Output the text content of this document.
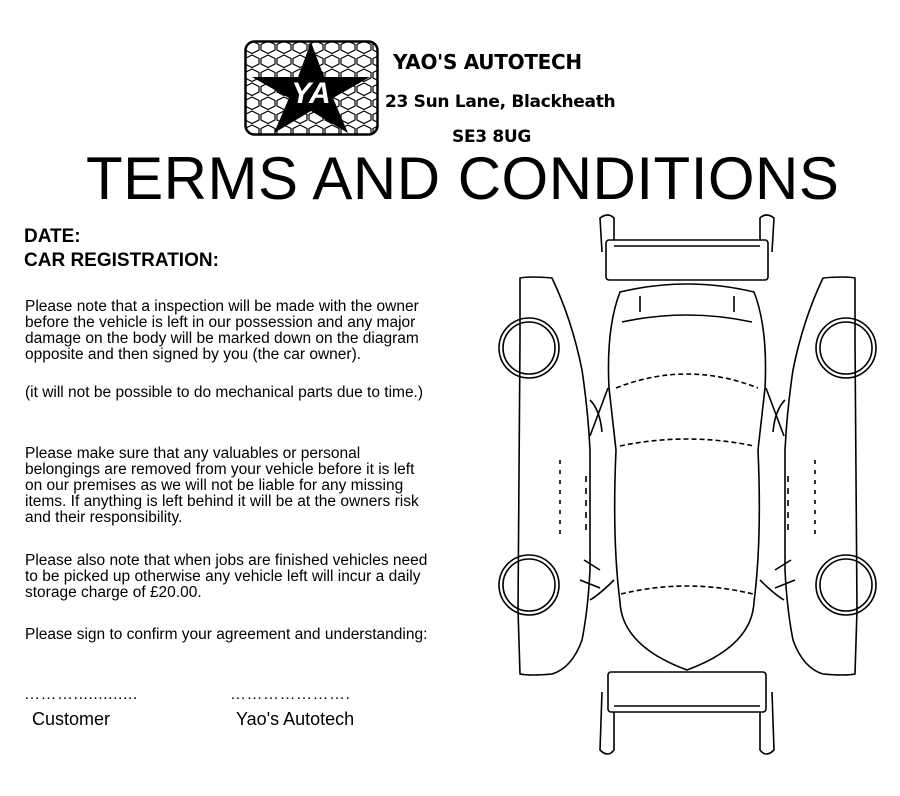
YA
YAO'S AUTOTECH
23 Sun Lane, Blackheath
SE3 8UG
TERMS AND CONDITIONS
DATE:
CAR REGISTRATION:

Please note that a inspection will be made with the owner before the vehicle is left in our possession and any major damage on the body will be marked down on the diagram opposite and then signed by you (the car owner).

(it will not be possible to do mechanical parts due to time.)

Please make sure that any valuables or personal belongings are removed from your vehicle before it is left on our premises as we will not be liable for any missing items. If anything is left behind it will be at the owners risk and their responsibility.

Please also note that when jobs are finished vehicles need to be picked up otherwise any vehicle left will incur a daily storage charge of £20.00.

Please sign to confirm your agreement and understanding:

……….............	………………….
Customer	Yao's Autotech
